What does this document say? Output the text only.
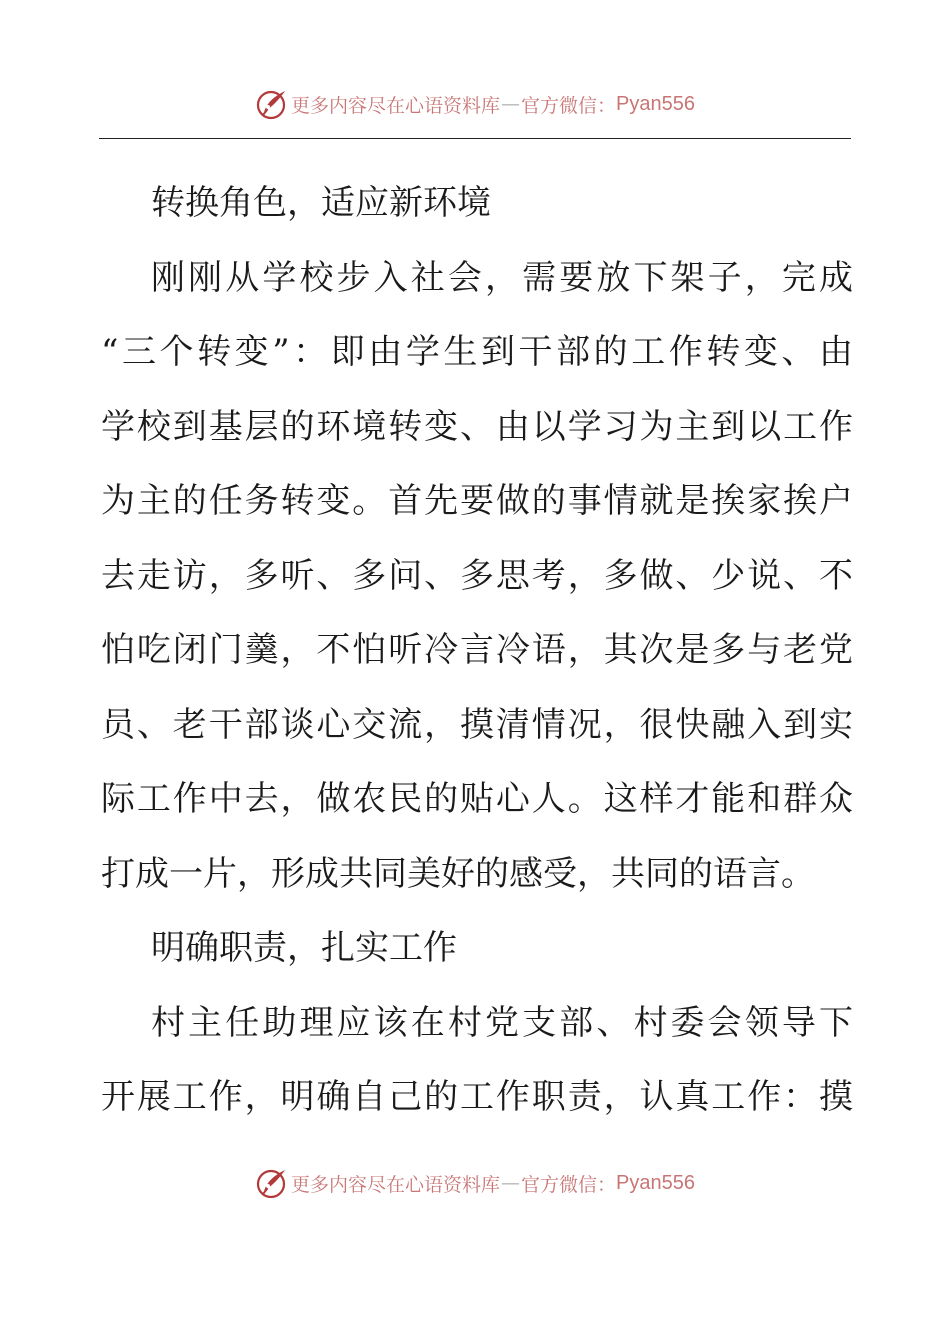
更多内容尽在心语资料库 — 官方微信： Pyan556
转换角色，适应新环境
刚刚从学校步入社会，需要放下架子，完成
“三个转变”：即由学生到干部的工作转变、由
学校到基层的环境转变、由以学习为主到以工作
为主的任务转变。首先要做的事情就是挨家挨户
去走访，多听、多问、多思考，多做、少说、不
怕吃闭门羹，不怕听冷言冷语，其次是多与老党
员、老干部谈心交流，摸清情况，很快融入到实
际工作中去，做农民的贴心人。这样才能和群众
打成一片，形成共同美好的感受，共同的语言。
明确职责，扎实工作
村主任助理应该在村党支部、村委会领导下
开展工作，明确自己的工作职责，认真工作：摸
更多内容尽在心语资料库 — 官方微信： Pyan556
